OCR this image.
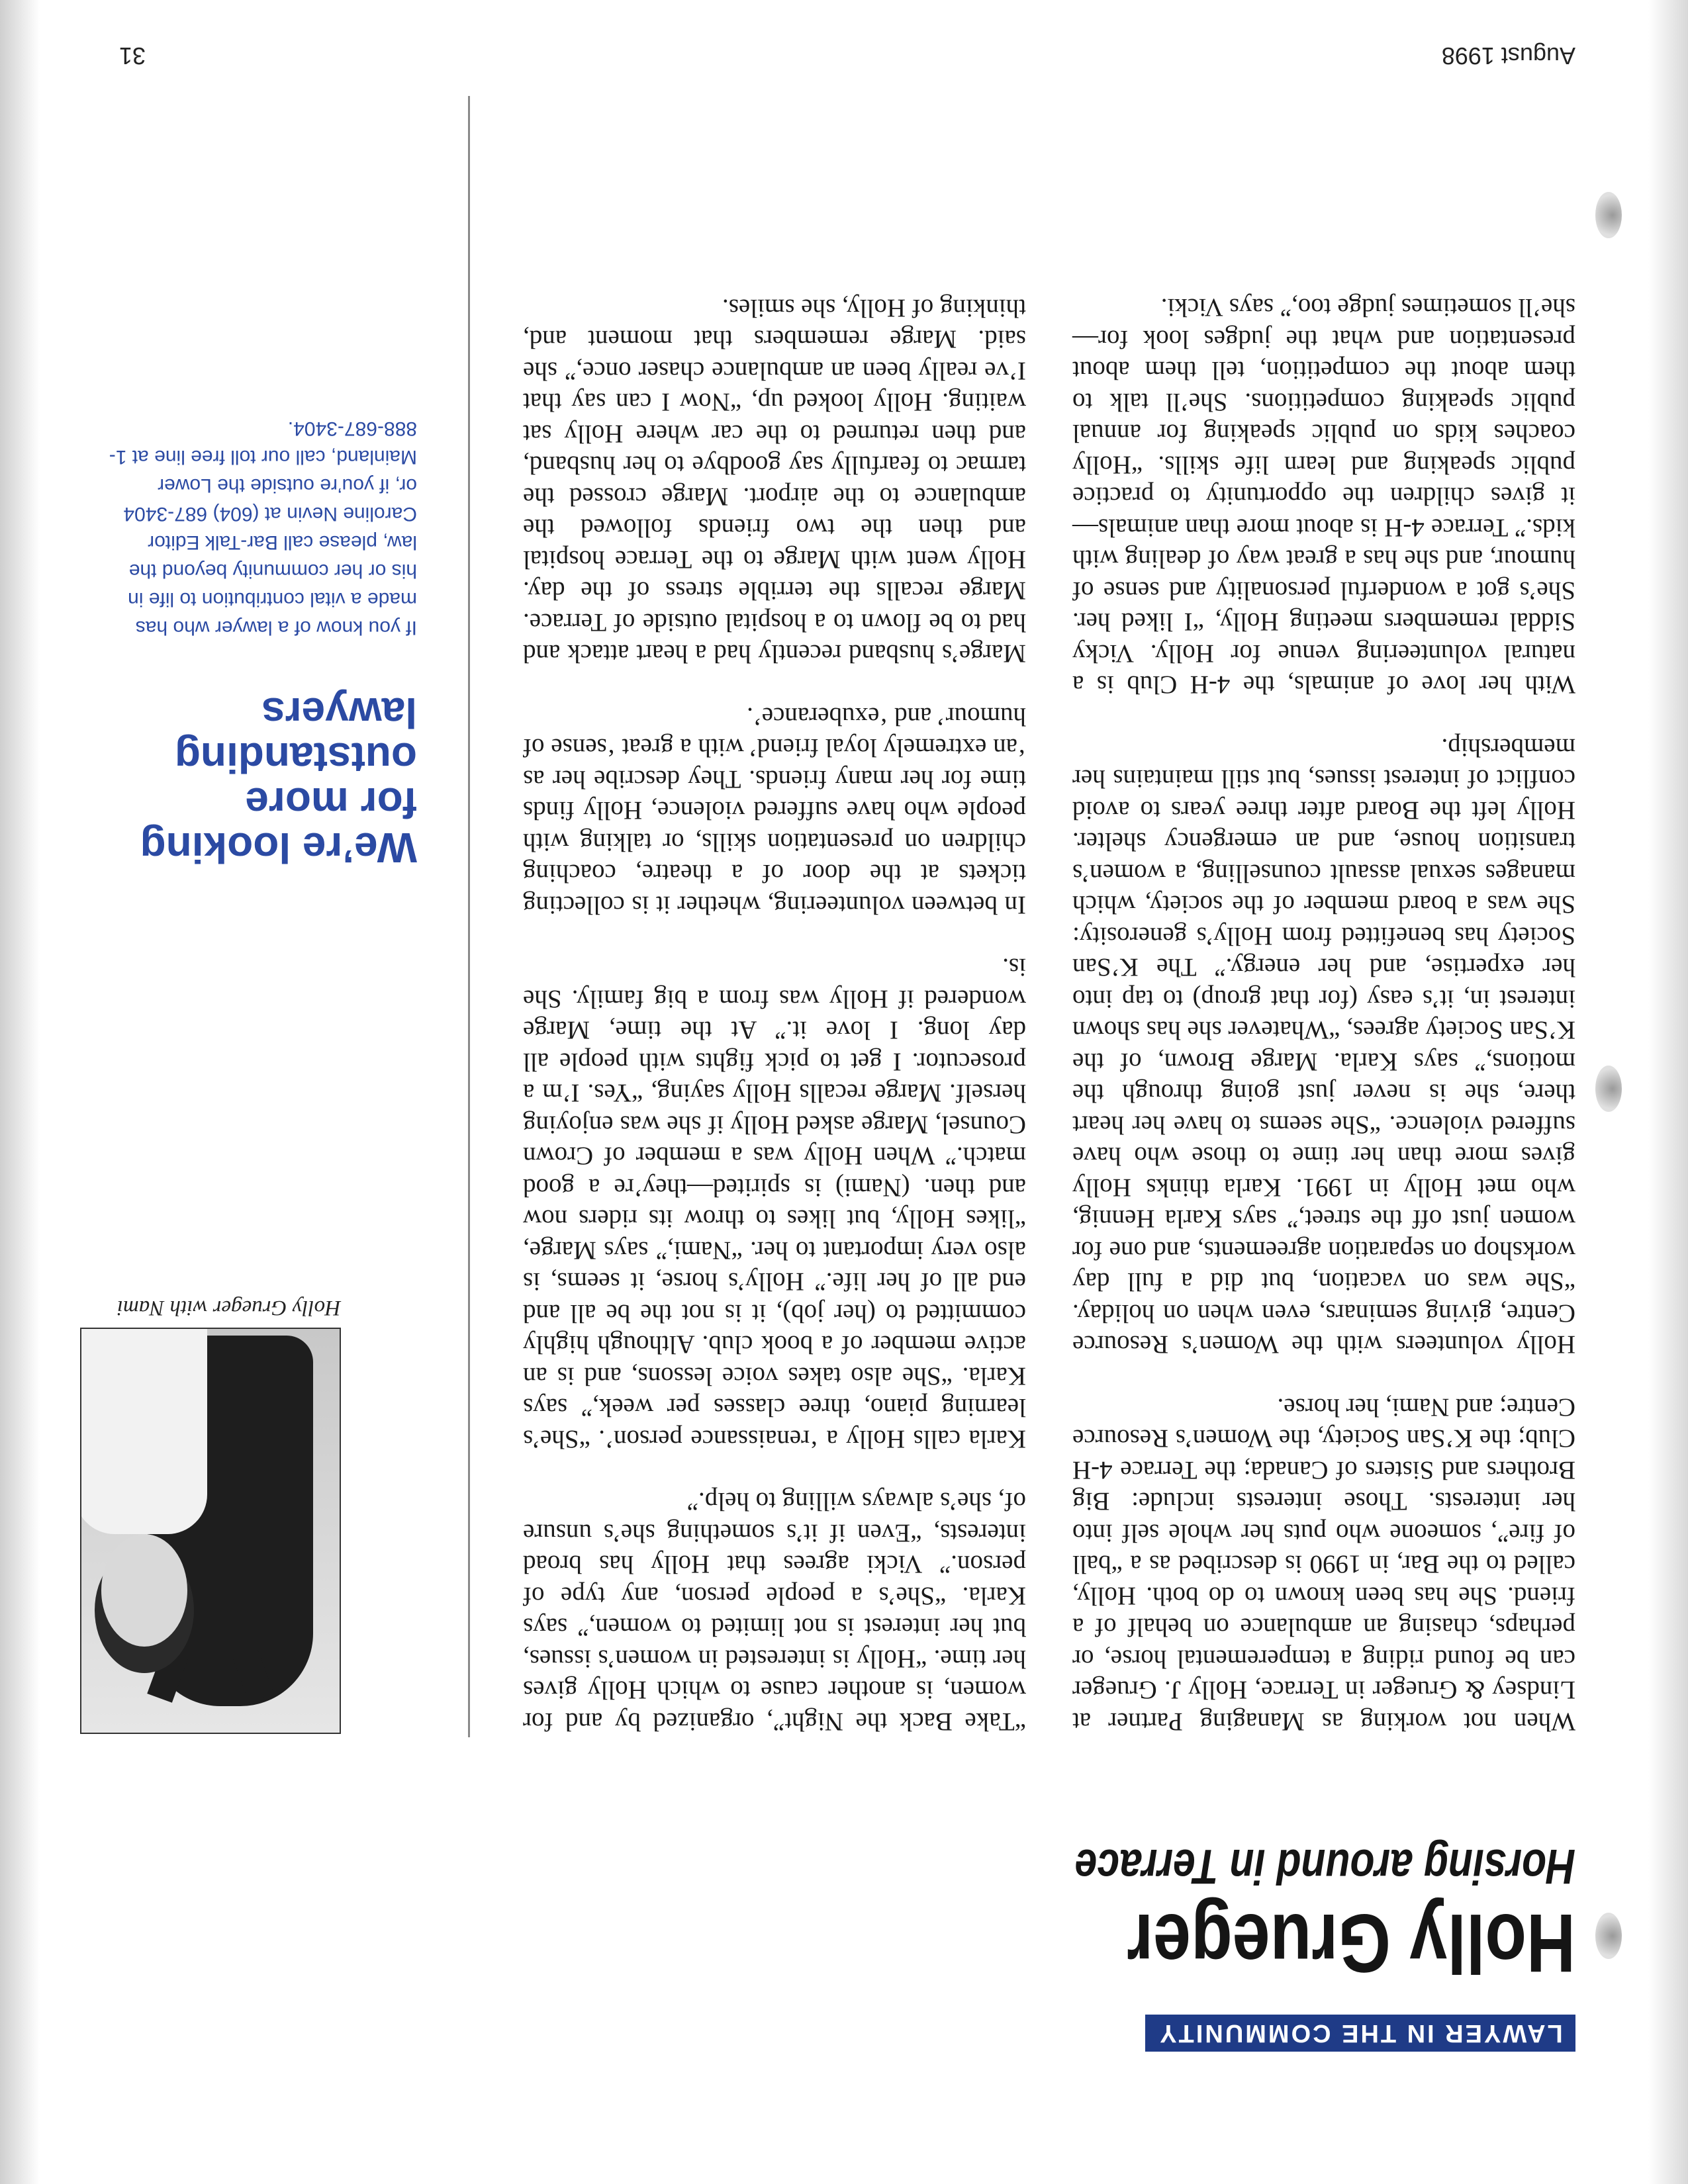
LAWYER IN THE COMMUNITY
Holly Grueger
Horsing around in Terrace
Holly Grueger with Nami

When not working as Managing Partner at Lindsey & Grueger in Terrace, Holly J. Grueger can be found riding a temperemental horse, or perhaps, chasing an ambulance on behalf of a friend. She has been known to do both. Holly, called to the Bar, in 1990 is described as a “ball of fire”, someone who puts her whole self into her interests. Those interests include: Big Brothers and Sisters of Canada; the Terrace 4-H Club; the K’San Society, the Women’s Resource Centre; and Nami, her horse.

Holly volunteers with the Women’s Resource Centre, giving seminars, even when on holiday. “She was on vacation, but did a full day workshop on separation agreements, and one for women just off the street,” says Karla Hennig, who met Holly in 1991. Karla thinks Holly gives more than her time to those who have suffered violence. “She seems to have her heart there, she is never just going through the motions,” says Karla. Marge Brown, of the K’San Society agrees, “Whatever she has shown interest in, it’s easy (for that group) to tap into her expertise, and her energy.” The K’San Society has benefitted from Holly’s generosity: She was a board member of the society, which manages sexual assault counselling, a women’s transition house, and an emergency shelter. Holly left the Board after three years to avoid conflict of interest issues, but still maintains her membership.

With her love of animals, the 4-H Club is a natural volunteering venue for Holly. Vicky Siddal remembers meeting Holly, “I liked her. She’s got a wonderful personality and sense of humour, and she has a great way of dealing with kids.” Terrace 4-H is about more than animals—it gives children the opportunity to practice public speaking and learn life skills. “Holly coaches kids on public speaking for annual public speaking competitions. She’ll talk to them about the competition, tell them about presentation and what the judges look for—she’ll sometimes judge too,” says Vicki.

“Take Back the Night”, organized by and for women, is another cause to which Holly gives her time. “Holly is interested in women’s issues, but her interest is not limited to women,” says Karla. “She’s a people person, any type of person.” Vicki agrees that Holly has broad interests, “Even if it’s something she’s unsure of, she’s always willing to help.”

Karla calls Holly a ‘renaissance person’. “She’s learning piano, three classes per week,” says Karla. “She also takes voice lessons, and is an active member of a book club. Although highly committed to (her job), it is not the be all and end all of her life.” Holly’s horse, it seems, is also very important to her. “Nami,” says Marge, “likes Holly, but likes to throw its riders now and then. (Nami) is spirited—they’re a good match.” When Holly was a member of Crown Counsel, Marge asked Holly if she was enjoying herself. Marge recalls Holly saying, “Yes. I’m a prosecutor. I get to pick fights with people all day long. I love it.” At the time, Marge wondered if Holly was from a big family. She is.

In between volunteering, whether it is collecting tickets at the door of a theatre, coaching children on presentation skills, or talking with people who have suffered violence, Holly finds time for her many friends. They describe her as ‘an extremely loyal friend’ with a great ‘sense of humour’ and ‘exuberance’.

Marge’s husband recently had a heart attack and had to be flown to a hospital outside of Terrace. Marge recalls the terrible stress of the day. Holly went with Marge to the Terrace hospital and then the two friends followed the ambulance to the airport. Marge crossed the tarmac to fearfully say goodbye to her husband, and then returned to the car where Holly sat waiting. Holly looked up, “Now I can say that I’ve really been an ambulance chaser once,” she said. Marge remembers that moment and, thinking of Holly, she smiles.

We’re looking for more outstanding lawyers
If you know of a lawyer who has made a vital contribution to life in his or her community beyond the law, please call Bar-Talk Editor Caroline Nevin at (604) 687-3404 or, if you’re outside the Lower Mainland, call our toll free line at 1-888-687-3404.
August 1998
31
